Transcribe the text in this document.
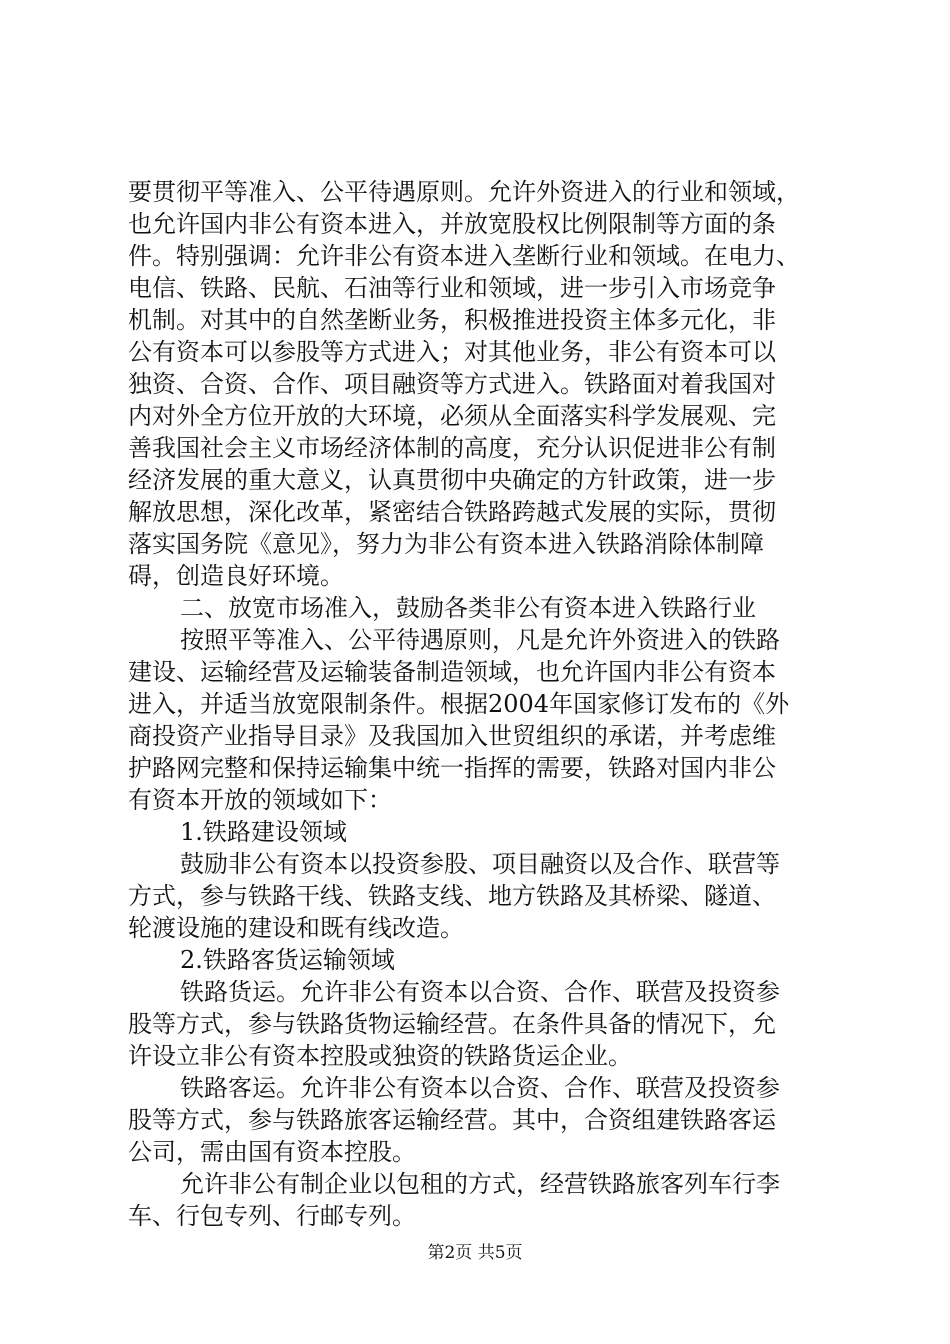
要贯彻平等准入、公平待遇原则。允许外资进入的行业和领域，
也允许国内非公有资本进入，并放宽股权比例限制等方面的条
件。特别强调：允许非公有资本进入垄断行业和领域。在电力、
电信、铁路、民航、石油等行业和领域，进一步引入市场竞争
机制。对其中的自然垄断业务，积极推进投资主体多元化，非
公有资本可以参股等方式进入；对其他业务，非公有资本可以
独资、合资、合作、项目融资等方式进入。铁路面对着我国对
内对外全方位开放的大环境，必须从全面落实科学发展观、完
善我国社会主义市场经济体制的高度，充分认识促进非公有制
经济发展的重大意义，认真贯彻中央确定的方针政策，进一步
解放思想，深化改革，紧密结合铁路跨越式发展的实际，贯彻
落实国务院《意见》，努力为非公有资本进入铁路消除体制障
碍，创造良好环境。
二、放宽市场准入，鼓励各类非公有资本进入铁路行业
按照平等准入、公平待遇原则，凡是允许外资进入的铁路
建设、运输经营及运输装备制造领域，也允许国内非公有资本
进入，并适当放宽限制条件。根据2004年国家修订发布的《外
商投资产业指导目录》及我国加入世贸组织的承诺，并考虑维
护路网完整和保持运输集中统一指挥的需要，铁路对国内非公
有资本开放的领域如下：
1.铁路建设领域
鼓励非公有资本以投资参股、项目融资以及合作、联营等
方式，参与铁路干线、铁路支线、地方铁路及其桥梁、隧道、
轮渡设施的建设和既有线改造。
2.铁路客货运输领域
铁路货运。允许非公有资本以合资、合作、联营及投资参
股等方式，参与铁路货物运输经营。在条件具备的情况下，允
许设立非公有资本控股或独资的铁路货运企业。
铁路客运。允许非公有资本以合资、合作、联营及投资参
股等方式，参与铁路旅客运输经营。其中，合资组建铁路客运
公司，需由国有资本控股。
允许非公有制企业以包租的方式，经营铁路旅客列车行李
车、行包专列、行邮专列。
第2页 共5页
